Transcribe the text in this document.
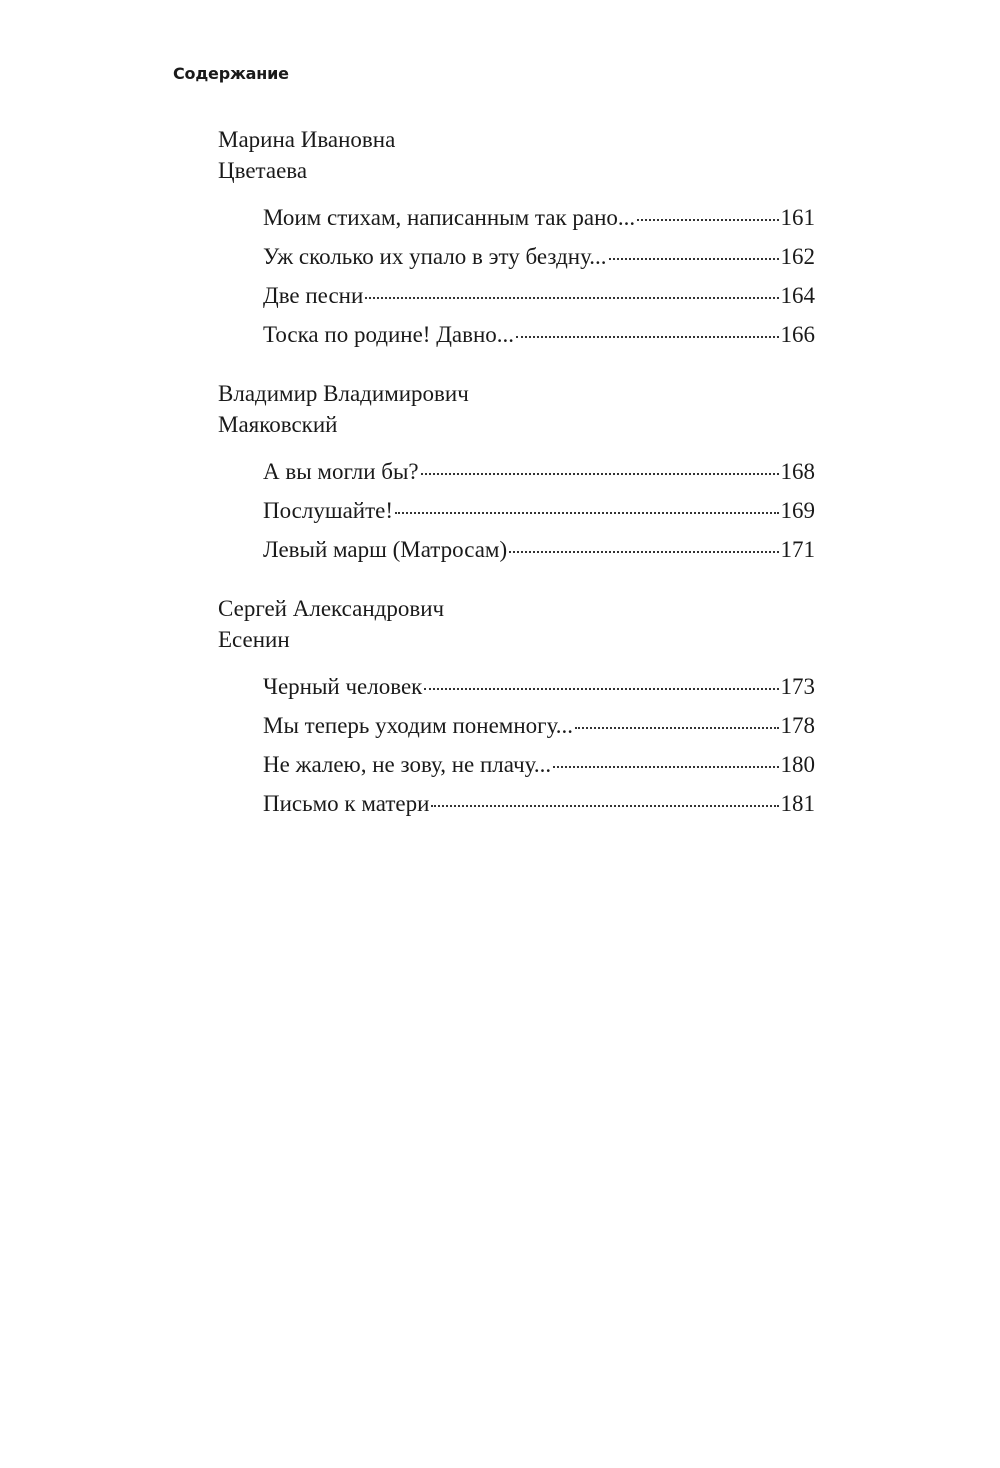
Содержание
Марина Ивановна
Цветаева
Моим стихам, написанным так рано...	161
Уж сколько их упало в эту бездну...	162
Две песни	164
Тоска по родине! Давно...	166
Владимир Владимирович
Маяковский
А вы могли бы?	168
Послушайте!	169
Левый марш (Матросам)	171
Сергей Александрович
Есенин
Черный человек	173
Мы теперь уходим понемногу...	178
Не жалею, не зову, не плачу...	180
Письмо к матери	181
